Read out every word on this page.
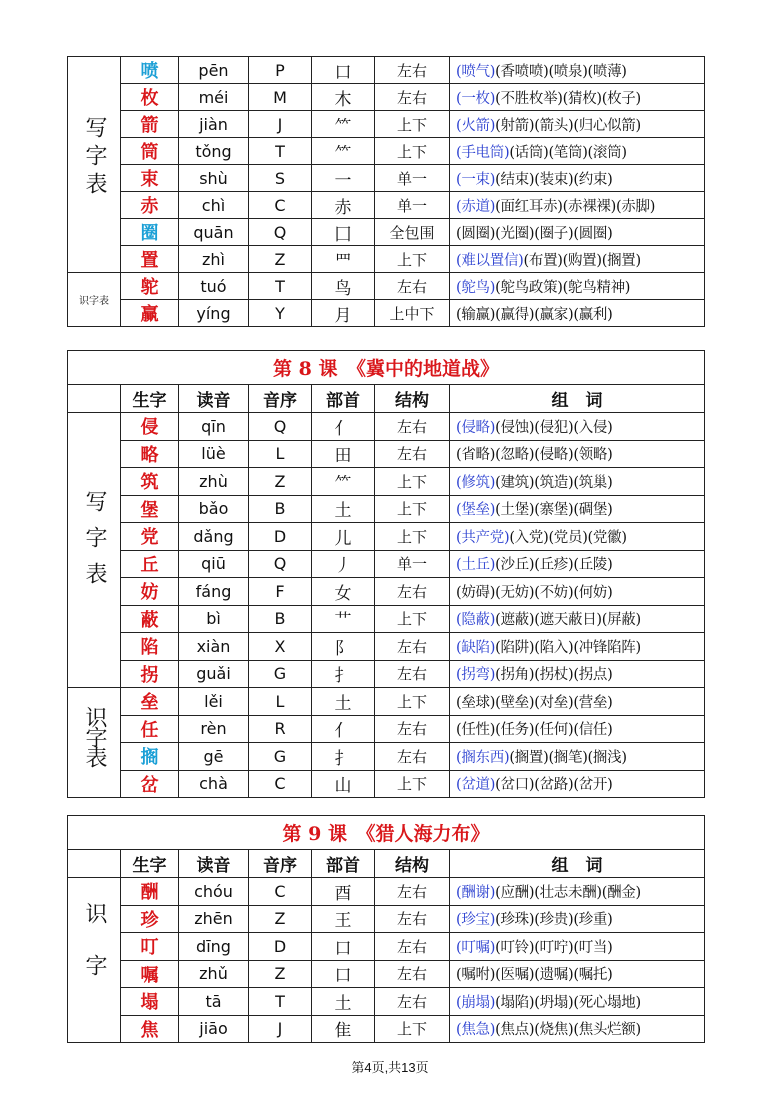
写字表	喷	pēn	P	口	左右	(喷气)(香喷喷)(喷泉)(喷薄)
	枚	méi	M	木	左右	(一枚)(不胜枚举)(猜枚)(枚子)
	箭	jiàn	J	⺮	上下	(火箭)(射箭)(箭头)(归心似箭)
	筒	tǒng	T	⺮	上下	(手电筒)(话筒)(笔筒)(滚筒)
	束	shù	S	一	单一	(一束)(结束)(装束)(约束)
	赤	chì	C	赤	单一	(赤道)(面红耳赤)(赤裸裸)(赤脚)
	圈	quān	Q	囗	全包围	(圆圈)(光圈)(圈子)(圆圈)
	置	zhì	Z	罒	上下	(难以置信)(布置)(购置)(搁置)
识字表	鸵	tuó	T	鸟	左右	(鸵鸟)(鸵鸟政策)(鸵鸟精神)
	赢	yíng	Y	月	上中下	(输赢)(赢得)(赢家)(赢利)
第 8 课　《冀中的地道战》						
	生字	读音	音序	部首	结构	组　词
写字表	侵	qīn	Q	亻	左右	(侵略)(侵蚀)(侵犯)(入侵)
	略	lüè	L	田	左右	(省略)(忽略)(侵略)(领略)
	筑	zhù	Z	⺮	上下	(修筑)(建筑)(筑造)(筑巢)
	堡	bǎo	B	土	上下	(堡垒)(土堡)(寨堡)(碉堡)
	党	dǎng	D	儿	上下	(共产党)(入党)(党员)(党徽)
	丘	qiū	Q	丿	单一	(土丘)(沙丘)(丘疹)(丘陵)
	妨	fáng	F	女	左右	(妨碍)(无妨)(不妨)(何妨)
	蔽	bì	B	艹	上下	(隐蔽)(遮蔽)(遮天蔽日)(屏蔽)
	陷	xiàn	X	阝	左右	(缺陷)(陷阱)(陷入)(冲锋陷阵)
	拐	guǎi	G	扌	左右	(拐弯)(拐角)(拐杖)(拐点)
识字表	垒	lěi	L	土	上下	(垒球)(壁垒)(对垒)(营垒)
	任	rèn	R	亻	左右	(任性)(任务)(任何)(信任)
	搁	gē	G	扌	左右	(搁东西)(搁置)(搁笔)(搁浅)
	岔	chà	C	山	上下	(岔道)(岔口)(岔路)(岔开)
第 9 课　《猎人海力布》						
	生字	读音	音序	部首	结构	组　词
识字	酬	chóu	C	酉	左右	(酬谢)(应酬)(壮志未酬)(酬金)
	珍	zhēn	Z	王	左右	(珍宝)(珍珠)(珍贵)(珍重)
	叮	dīng	D	口	左右	(叮嘱)(叮铃)(叮咛)(叮当)
	嘱	zhǔ	Z	口	左右	(嘱咐)(医嘱)(遗嘱)(嘱托)
	塌	tā	T	土	左右	(崩塌)(塌陷)(坍塌)(死心塌地)
	焦	jiāo	J	隹	上下	(焦急)(焦点)(烧焦)(焦头烂额)
第4页,共13页
